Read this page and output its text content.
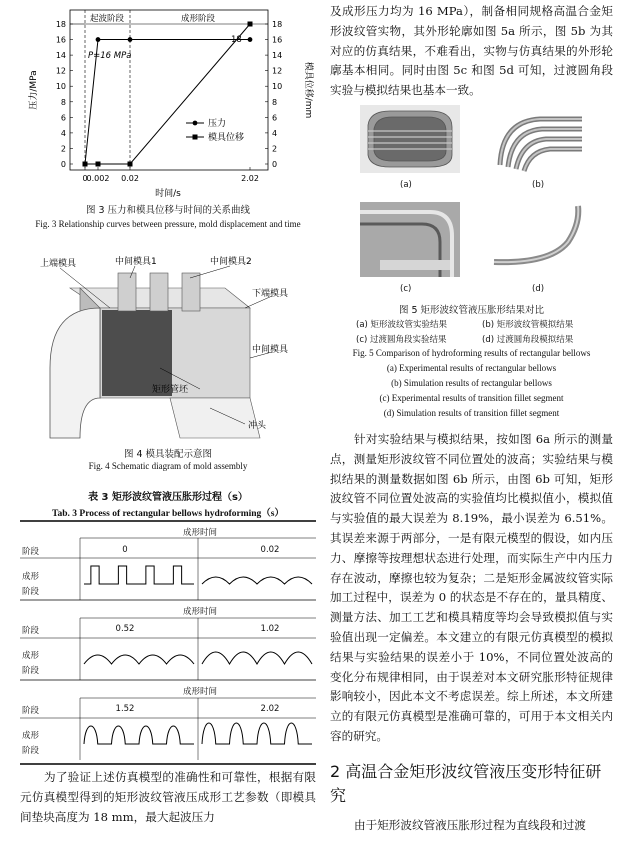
起波阶段	成形阶段
P=16 MPa
0
2
4
6
8
10
12
14
16
18
0
2
4
6
8
10
12
14
16
18
0 0.002 0.02	2.02
18
压力/MPa	模具位移/mm
时间/s
压力
模具位移
图 3 压力和模具位移与时间的关系曲线
Fig. 3 Relationship curves between pressure, mold displacement and time
上端模具	中间模具1	中间模具2
下端模具
中间模具
矩形管坯
冲头
图 4 模具装配示意图
Fig. 4 Schematic diagram of mold assembly
表 3 矩形波纹管液压胀形过程（s）
Tab. 3 Process of rectangular bellows hydroforming（s）
成形时间
阶段	0	0.02
成形阶段
成形时间
阶段	0.52	1.02
成形阶段
成形时间
阶段	1.52	2.02
成形阶段
为了验证上述仿真模型的准确性和可靠性，根据有限元仿真模型得到的矩形波纹管液压成形工艺参数（即模具间垫块高度为 18 mm，最大起波压力
及成形压力均为 16 MPa），制备相同规格高温合金矩形波纹管实物，其外形轮廓如图 5a 所示，图 5b 为其对应的仿真结果，不难看出，实物与仿真结果的外形轮廓基本相同。同时由图 5c 和图 5d 可知，过渡圆角段实验与模拟结果也基本一致。
(a)	(b)
(c)	(d)
图 5 矩形波纹管液压胀形结果对比
(a) 矩形波纹管实验结果	(b) 矩形波纹管模拟结果
(c) 过渡圆角段实验结果	(d) 过渡圆角段模拟结果
Fig. 5 Comparison of hydroforming results of rectangular bellows
(a) Experimental results of rectangular bellows
(b) Simulation results of rectangular bellows
(c) Experimental results of transition fillet segment
(d) Simulation results of transition fillet segment
针对实验结果与模拟结果，按如图 6a 所示的测量点，测量矩形波纹管不同位置处的波高；实验结果与模拟结果的测量数据如图 6b 所示，由图 6b 可知，矩形波纹管不同位置处波高的实验值均比模拟值小，模拟值与实验值的最大误差为 8.19%，最小误差为 6.51%。其误差来源于两部分，一是有限元模型的假设，如内压力、摩擦等按理想状态进行处理，而实际生产中内压力存在波动，摩擦也较为复杂；二是矩形金属波纹管实际加工过程中，误差为 0 的状态是不存在的，量具精度、测量方法、加工工艺和模具精度等均会导致模拟值与实验值出现一定偏差。本文建立的有限元仿真模型的模拟结果与实验结果的误差小于 10%，不同位置处波高的变化分布规律相同，由于误差对本文研究胀形特征规律影响较小，因此本文不考虑误差。综上所述，本文所建立的有限元仿真模型是准确可靠的，可用于本文相关内容的研究。
2 高温合金矩形波纹管液压变形特征研究
由于矩形波纹管液压胀形过程为直线段和过渡
